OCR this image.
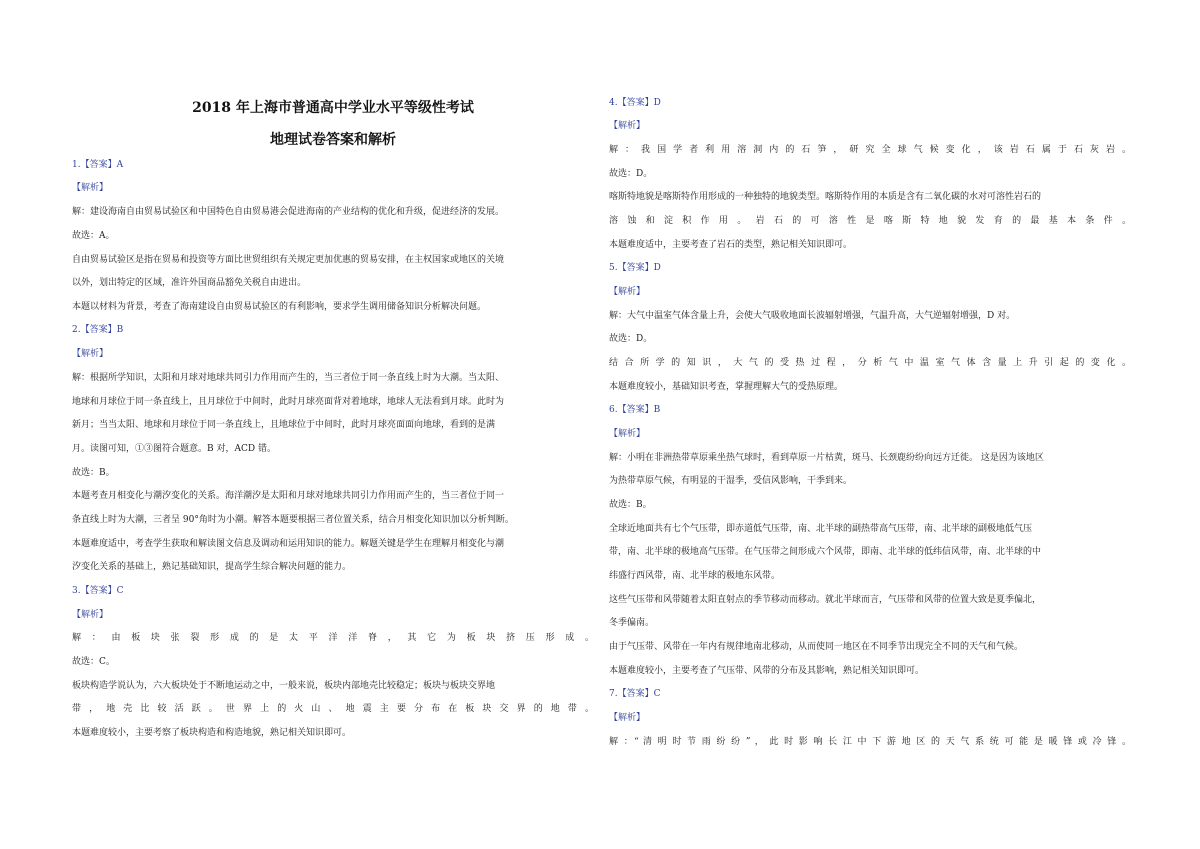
2018 年上海市普通高中学业水平等级性考试
地理试卷答案和解析
1.【答案】A
【解析】
解：建设海南自由贸易试验区和中国特色自由贸易港会促进海南的产业结构的优化和升级，促进经济的发展。
故选：A。
自由贸易试验区是指在贸易和投资等方面比世贸组织有关规定更加优惠的贸易安排，在主权国家或地区的关境
以外，划出特定的区域，准许外国商品豁免关税自由进出。
本题以材料为背景，考查了海南建设自由贸易试验区的有利影响，要求学生调用储备知识分析解决问题。
2.【答案】B
【解析】
解：根据所学知识，太阳和月球对地球共同引力作用而产生的，当三者位于同一条直线上时为大潮。当太阳、
地球和月球位于同一条直线上，且月球位于中间时，此时月球亮面背对着地球，地球人无法看到月球。此时为
新月；当当太阳、地球和月球位于同一条直线上，且地球位于中间时，此时月球亮面面向地球，看到的是满
月。读图可知，①③图符合题意。B 对，ACD 错。
故选：B。
本题考查月相变化与潮汐变化的关系。海洋潮汐是太阳和月球对地球共同引力作用而产生的，当三者位于同一
条直线上时为大潮，三者呈 90°角时为小潮。解答本题要根据三者位置关系，结合月相变化知识加以分析判断。
本题难度适中，考查学生获取和解读图文信息及调动和运用知识的能力。解题关键是学生在理解月相变化与潮
汐变化关系的基础上，熟记基础知识，提高学生综合解决问题的能力。
3.【答案】C
【解析】
解 ： 由 板 块 张 裂 形 成 的 是 太 平 洋 洋 脊 ， 其 它 为 板 块 挤 压 形 成 。
故选：C。
板块构造学说认为，六大板块处于不断地运动之中，一般来说，板块内部地壳比较稳定；板块与板块交界地
带 ， 地 壳 比 较 活 跃 。 世 界 上 的 火 山 、 地 震 主 要 分 布 在 板 块 交 界 的 地 带 。
本题难度较小，主要考察了板块构造和构造地貌，熟记相关知识即可。
4.【答案】D
【解析】
解 ： 我 国 学 者 利 用 溶 洞 内 的 石 笋 ， 研 究 全 球 气 候 变 化 ， 该 岩 石 属 于 石 灰 岩 。
故选：D。
喀斯特地貌是喀斯特作用形成的一种独特的地貌类型。喀斯特作用的本质是含有二氧化碳的水对可溶性岩石的
溶 蚀 和 淀 积 作 用 。 岩 石 的 可 溶 性 是 喀 斯 特 地 貌 发 育 的 最 基 本 条 件 。
本题难度适中，主要考查了岩石的类型，熟记相关知识即可。
5.【答案】D
【解析】
解：大气中温室气体含量上升，会使大气吸收地面长波辐射增强，气温升高，大气逆辐射增强，D 对。
故选：D。
结 合 所 学 的 知 识 ， 大 气 的 受 热 过 程 ， 分 析 气 中 温 室 气 体 含 量 上 升 引 起 的 变 化 。
本题难度较小，基础知识考查，掌握理解大气的受热原理。
6.【答案】B
【解析】
解：小明在非洲热带草原乘坐热气球时，看到草原一片枯黄，斑马、长颈鹿纷纷向远方迁徙。 这是因为该地区
为热带草原气候，有明显的干湿季，受信风影响，干季到来。
故选：B。
全球近地面共有七个气压带，即赤道低气压带，南、北半球的副热带高气压带，南、北半球的副极地低气压
带，南、北半球的极地高气压带。在气压带之间形成六个风带，即南、北半球的低纬信风带，南、北半球的中
纬盛行西风带，南、北半球的极地东风带。
这些气压带和风带随着太阳直射点的季节移动而移动。就北半球而言，气压带和风带的位置大致是夏季偏北，
冬季偏南。
由于气压带、风带在一年内有规律地南北移动，从而使同一地区在不同季节出现完全不同的天气和气候。
本题难度较小，主要考查了气压带、风带的分布及其影响，熟记相关知识即可。
7.【答案】C
【解析】
解 ：“ 清 明 时 节 雨 纷 纷 ” ， 此 时 影 响 长 江 中 下 游 地 区 的 天 气 系 统 可 能 是 暖 锋 或 冷 锋 。
